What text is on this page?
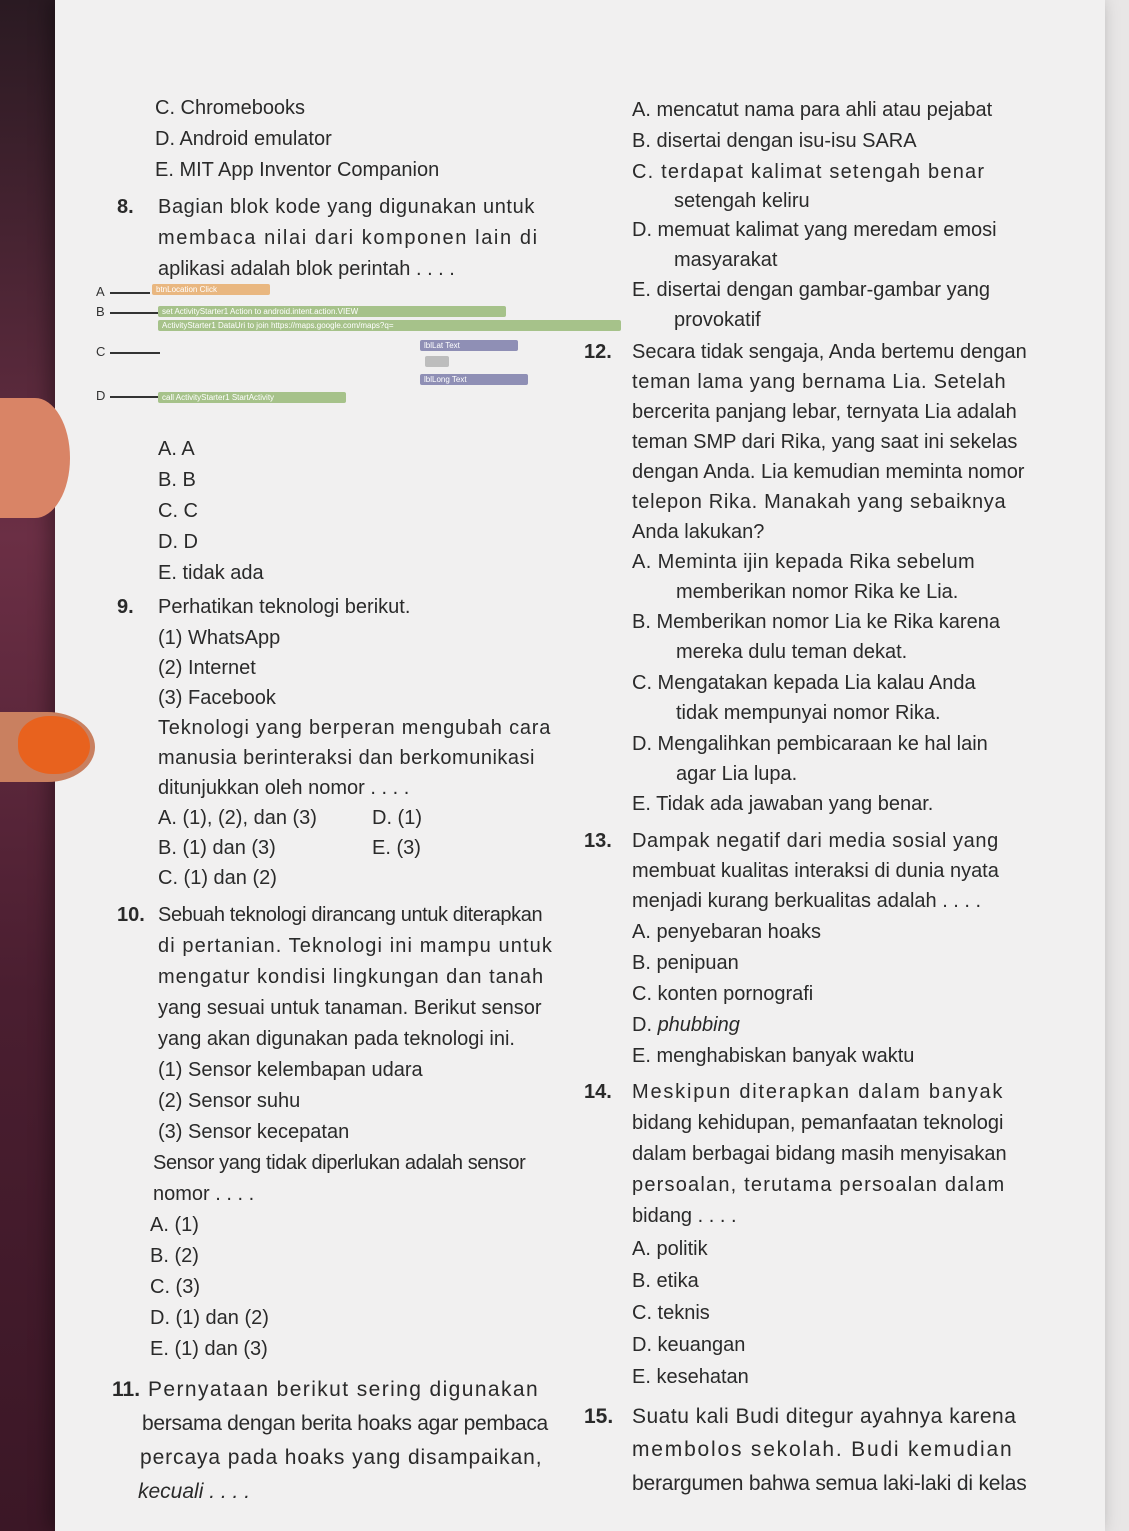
C. Chromebooks
D. Android emulator
E. MIT App Inventor Companion
8. Bagian blok kode yang digunakan untuk
membaca nilai dari komponen lain di
aplikasi adalah blok perintah . . . .
A
B
C
D
btnLocation Click
set ActivityStarter1 Action to android.intent.action.VIEW
ActivityStarter1 DataUri to join https://maps.google.com/maps?q=
lblLat Text
lblLong Text
call ActivityStarter1 StartActivity
A. A
B. B
C. C
D. D
E. tidak ada
9. Perhatikan teknologi berikut.
(1) WhatsApp
(2) Internet
(3) Facebook
Teknologi yang berperan mengubah cara
manusia berinteraksi dan berkomunikasi
ditunjukkan oleh nomor . . . .
A. (1), (2), dan (3)	D. (1)
B. (1) dan (3)	E. (3)
C. (1) dan (2)
10. Sebuah teknologi dirancang untuk diterapkan
di pertanian. Teknologi ini mampu untuk
mengatur kondisi lingkungan dan tanah
yang sesuai untuk tanaman. Berikut sensor
yang akan digunakan pada teknologi ini.
(1) Sensor kelembapan udara
(2) Sensor suhu
(3) Sensor kecepatan
Sensor yang tidak diperlukan adalah sensor
nomor . . . .
A. (1)
B. (2)
C. (3)
D. (1) dan (2)
E. (1) dan (3)
11. Pernyataan berikut sering digunakan
bersama dengan berita hoaks agar pembaca
percaya pada hoaks yang disampaikan,
kecuali . . . .
A. mencatut nama para ahli atau pejabat
B. disertai dengan isu-isu SARA
C. terdapat kalimat setengah benar
setengah keliru
D. memuat kalimat yang meredam emosi
masyarakat
E. disertai dengan gambar-gambar yang
provokatif
12. Secara tidak sengaja, Anda bertemu dengan
teman lama yang bernama Lia. Setelah
bercerita panjang lebar, ternyata Lia adalah
teman SMP dari Rika, yang saat ini sekelas
dengan Anda. Lia kemudian meminta nomor
telepon Rika. Manakah yang sebaiknya
Anda lakukan?
A. Meminta ijin kepada Rika sebelum
memberikan nomor Rika ke Lia.
B. Memberikan nomor Lia ke Rika karena
mereka dulu teman dekat.
C. Mengatakan kepada Lia kalau Anda
tidak mempunyai nomor Rika.
D. Mengalihkan pembicaraan ke hal lain
agar Lia lupa.
E. Tidak ada jawaban yang benar.
13. Dampak negatif dari media sosial yang
membuat kualitas interaksi di dunia nyata
menjadi kurang berkualitas adalah . . . .
A. penyebaran hoaks
B. penipuan
C. konten pornografi
D. phubbing
E. menghabiskan banyak waktu
14. Meskipun diterapkan dalam banyak
bidang kehidupan, pemanfaatan teknologi
dalam berbagai bidang masih menyisakan
persoalan, terutama persoalan dalam
bidang . . . .
A. politik
B. etika
C. teknis
D. keuangan
E. kesehatan
15. Suatu kali Budi ditegur ayahnya karena
membolos sekolah. Budi kemudian
berargumen bahwa semua laki-laki di kelas
